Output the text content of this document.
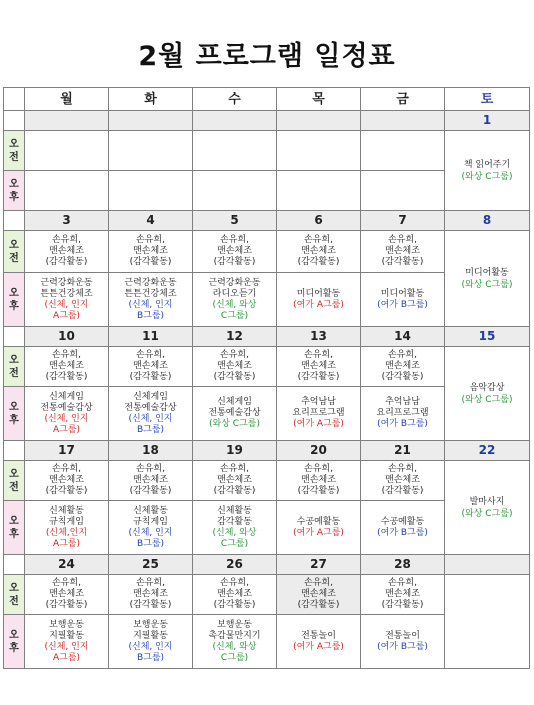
2월 프로그램 일정표
	월	화	수	목	금	토
						1

오
전						책 읽어주기
(와상 C그룹)

오
후						

	3	4	5	6	7	8

오
전	손유희,
맨손체조
(감각활동)	손유희,
맨손체조
(감각활동)	손유희,
맨손체조
(감각활동)	손유희,
맨손체조
(감각활동)	손유희,
맨손체조
(감각활동)	미디어활동
(와상 C그룹)

오
후	근력강화운동
튼튼건강체조
(신체, 인지
A그룹)	근력강화운동
튼튼건강체조
(신체, 인지
B그룹)	근력강화운동
라디오듣기
(신체, 와상
C그룹)	미디어활동
(여가 A그룹)	미디어활동
(여가 B그룹)	

	10	11	12	13	14	15

오
전	손유희,
맨손체조
(감각활동)	손유희,
맨손체조
(감각활동)	손유희,
맨손체조
(감각활동)	손유희,
맨손체조
(감각활동)	손유희,
맨손체조
(감각활동)	음악감상
(와상 C그룹)

오
후	신체게임
전통예술감상
(신체, 인지
A그룹)	신체게임
전통예술감상
(신체, 인지
B그룹)	신체게임
전통예술감상
(와상 C그룹)	추억남남
요리프로그램
(여가 A그룹)	추억남남
요리프로그램
(여가 B그룹)	

	17	18	19	20	21	22

오
전	손유희,
맨손체조
(감각활동)	손유희,
맨손체조
(감각활동)	손유희,
맨손체조
(감각활동)	손유희,
맨손체조
(감각활동)	손유희,
맨손체조
(감각활동)	발마사지
(와상 C그룹)

오
후	신체활동
규칙게임
(신체,인지
A그룹)	신체활동
규칙게임
(신체, 인지
B그룹)	신체활동
감각활동
(신체, 와상
C그룹)	수공예활동
(여가 A그룹)	수공예활동
(여가 B그룹)	

	24	25	26	27	28	

오
전	손유희,
맨손체조
(감각활동)	손유희,
맨손체조
(감각활동)	손유희,
맨손체조
(감각활동)	손유희,
맨손체조
(감각활동)	손유희,
맨손체조
(감각활동)	

오
후	보행운동
지필활동
(신체, 인지
A그룹)	보행운동
지필활동
(신체, 인지
B그룹)	보행운동
촉감물만지기
(신체, 와상
C그룹)	전통놀이
(여가 A그룹)	전통놀이
(여가 B그룹)	
